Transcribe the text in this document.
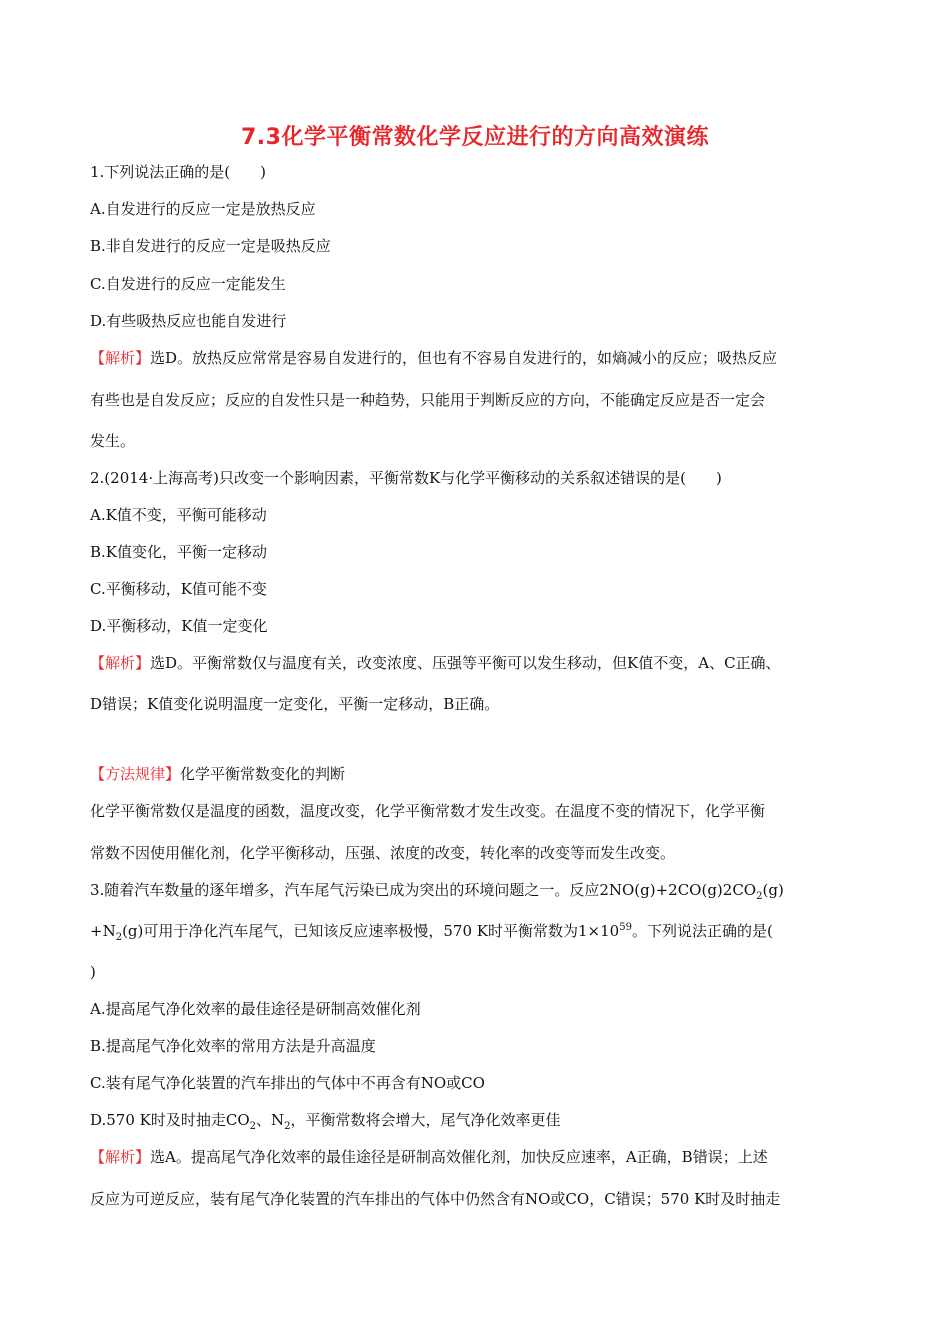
7.3化学平衡常数化学反应进行的方向高效演练
1.下列说法正确的是(　　)
A.自发进行的反应一定是放热反应
B.非自发进行的反应一定是吸热反应
C.自发进行的反应一定能发生
D.有些吸热反应也能自发进行
【解析】选D。放热反应常常是容易自发进行的，但也有不容易自发进行的，如熵减小的反应；吸热反应
有些也是自发反应；反应的自发性只是一种趋势，只能用于判断反应的方向，不能确定反应是否一定会
发生。
2.(2014·上海高考)只改变一个影响因素，平衡常数K与化学平衡移动的关系叙述错误的是(　　)
A.K值不变，平衡可能移动
B.K值变化，平衡一定移动
C.平衡移动，K值可能不变
D.平衡移动，K值一定变化
【解析】选D。平衡常数仅与温度有关，改变浓度、压强等平衡可以发生移动，但K值不变，A、C正确、
D错误；K值变化说明温度一定变化，平衡一定移动，B正确。
【方法规律】化学平衡常数变化的判断
化学平衡常数仅是温度的函数，温度改变，化学平衡常数才发生改变。在温度不变的情况下，化学平衡
常数不因使用催化剂，化学平衡移动，压强、浓度的改变，转化率的改变等而发生改变。
3.随着汽车数量的逐年增多，汽车尾气污染已成为突出的环境问题之一。反应$2NO(g)+2CO(g)2CO_2(g)$
$+N_2(g)$可用于净化汽车尾气，已知该反应速率极慢，570 K时平衡常数为$1\times 10^{59}$。下列说法正确的是(
)
A.提高尾气净化效率的最佳途径是研制高效催化剂
B.提高尾气净化效率的常用方法是升高温度
C.装有尾气净化装置的汽车排出的气体中不再含有NO或CO
D.570 K时及时抽走$CO_2$、$N_2$，平衡常数将会增大，尾气净化效率更佳
【解析】选A。提高尾气净化效率的最佳途径是研制高效催化剂，加快反应速率，A正确，B错误；上述
反应为可逆反应，装有尾气净化装置的汽车排出的气体中仍然含有NO或CO，C错误；570 K时及时抽走
